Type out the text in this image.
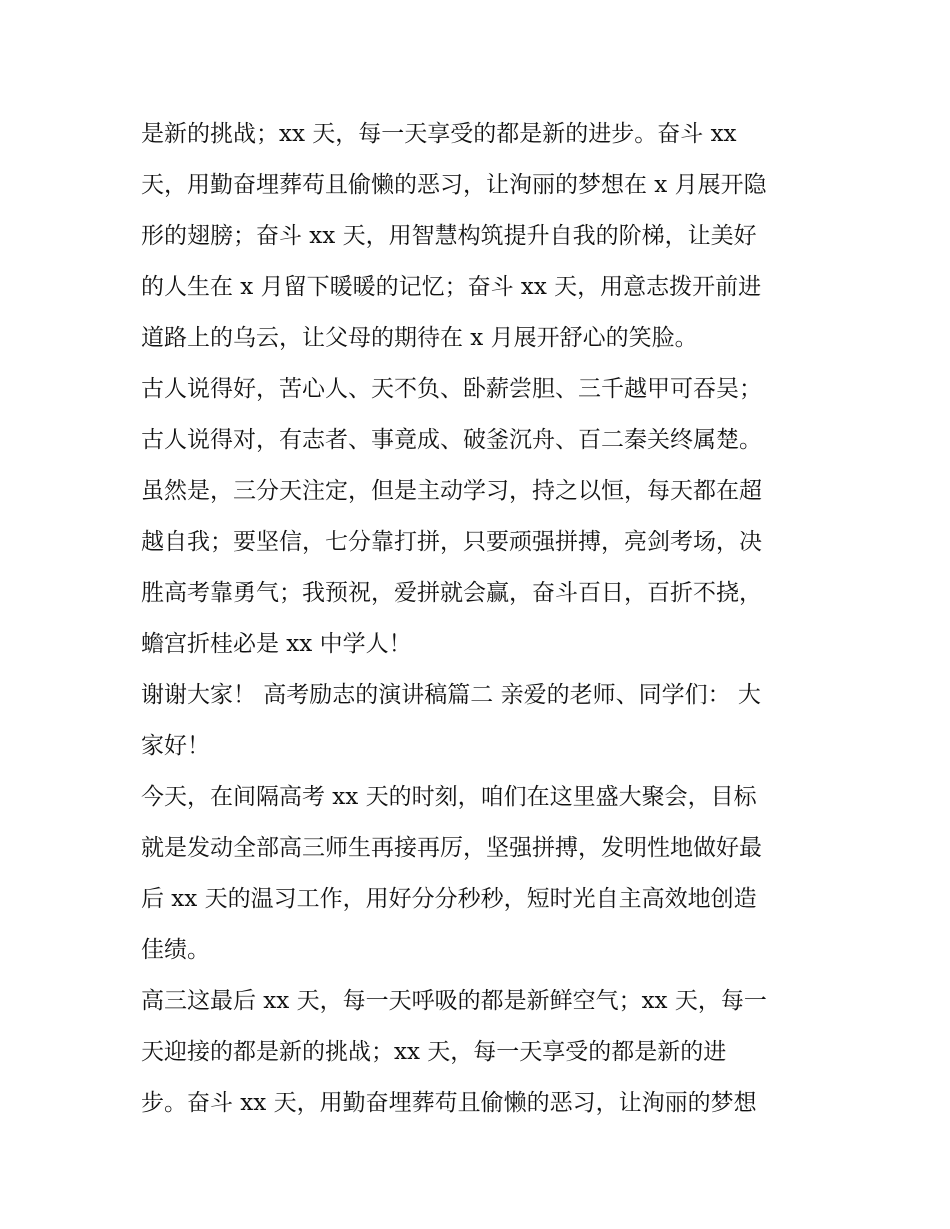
是新的挑战；xx 天，每一天享受的都是新的进步。奋斗 xx
天，用勤奋埋葬苟且偷懒的恶习，让洵丽的梦想在 x 月展开隐
形的翅膀；奋斗 xx 天，用智慧构筑提升自我的阶梯，让美好
的人生在 x 月留下暖暖的记忆；奋斗 xx 天，用意志拨开前进
道路上的乌云，让父母的期待在 x 月展开舒心的笑脸。

古人说得好，苦心人、天不负、卧薪尝胆、三千越甲可吞吴；
古人说得对，有志者、事竟成、破釜沉舟、百二秦关终属楚。
虽然是，三分天注定，但是主动学习，持之以恒，每天都在超
越自我；要坚信，七分靠打拼，只要顽强拼搏，亮剑考场，决
胜高考靠勇气；我预祝，爱拼就会赢，奋斗百日，百折不挠，
蟾宫折桂必是 xx 中学人！

谢谢大家！ 高考励志的演讲稿篇二 亲爱的老师、同学们： 大
家好！

今天，在间隔高考 xx 天的时刻，咱们在这里盛大聚会，目标
就是发动全部高三师生再接再厉，坚强拼搏，发明性地做好最
后 xx 天的温习工作，用好分分秒秒，短时光自主高效地创造
佳绩。

高三这最后 xx 天，每一天呼吸的都是新鲜空气；xx 天，每一
天迎接的都是新的挑战；xx 天，每一天享受的都是新的进
步。奋斗 xx 天，用勤奋埋葬苟且偷懒的恶习，让洵丽的梦想
